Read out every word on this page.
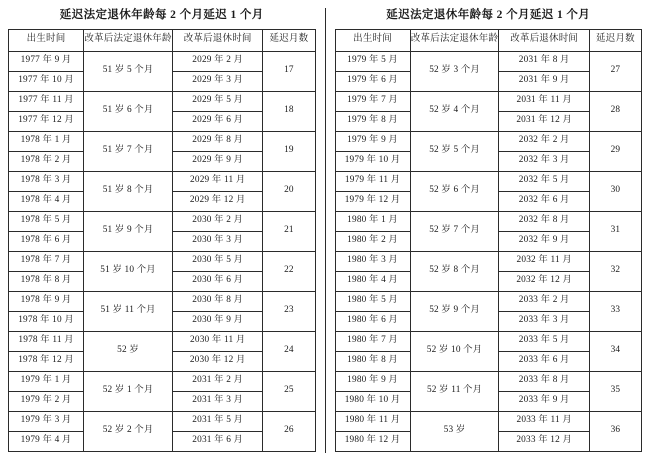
延迟法定退休年龄每 2 个月延迟 1 个月
出生时间	改革后法定退休年龄	改革后退休时间	延迟月数
1977 年 9 月	51 岁 5 个月	2029 年 2 月	17
1977 年 10 月		2029 年 3 月	
1977 年 11 月	51 岁 6 个月	2029 年 5 月	18
1977 年 12 月		2029 年 6 月	
1978 年 1 月	51 岁 7 个月	2029 年 8 月	19
1978 年 2 月		2029 年 9 月	
1978 年 3 月	51 岁 8 个月	2029 年 11 月	20
1978 年 4 月		2029 年 12 月	
1978 年 5 月	51 岁 9 个月	2030 年 2 月	21
1978 年 6 月		2030 年 3 月	
1978 年 7 月	51 岁 10 个月	2030 年 5 月	22
1978 年 8 月		2030 年 6 月	
1978 年 9 月	51 岁 11 个月	2030 年 8 月	23
1978 年 10 月		2030 年 9 月	
1978 年 11 月	52 岁	2030 年 11 月	24
1978 年 12 月		2030 年 12 月	
1979 年 1 月	52 岁 1 个月	2031 年 2 月	25
1979 年 2 月		2031 年 3 月	
1979 年 3 月	52 岁 2 个月	2031 年 5 月	26
1979 年 4 月		2031 年 6 月	
延迟法定退休年龄每 2 个月延迟 1 个月
出生时间	改革后法定退休年龄	改革后退休时间	延迟月数
1979 年 5 月	52 岁 3 个月	2031 年 8 月	27
1979 年 6 月		2031 年 9 月	
1979 年 7 月	52 岁 4 个月	2031 年 11 月	28
1979 年 8 月		2031 年 12 月	
1979 年 9 月	52 岁 5 个月	2032 年 2 月	29
1979 年 10 月		2032 年 3 月	
1979 年 11 月	52 岁 6 个月	2032 年 5 月	30
1979 年 12 月		2032 年 6 月	
1980 年 1 月	52 岁 7 个月	2032 年 8 月	31
1980 年 2 月		2032 年 9 月	
1980 年 3 月	52 岁 8 个月	2032 年 11 月	32
1980 年 4 月		2032 年 12 月	
1980 年 5 月	52 岁 9 个月	2033 年 2 月	33
1980 年 6 月		2033 年 3 月	
1980 年 7 月	52 岁 10 个月	2033 年 5 月	34
1980 年 8 月		2033 年 6 月	
1980 年 9 月	52 岁 11 个月	2033 年 8 月	35
1980 年 10 月		2033 年 9 月	
1980 年 11 月	53 岁	2033 年 11 月	36
1980 年 12 月		2033 年 12 月	
